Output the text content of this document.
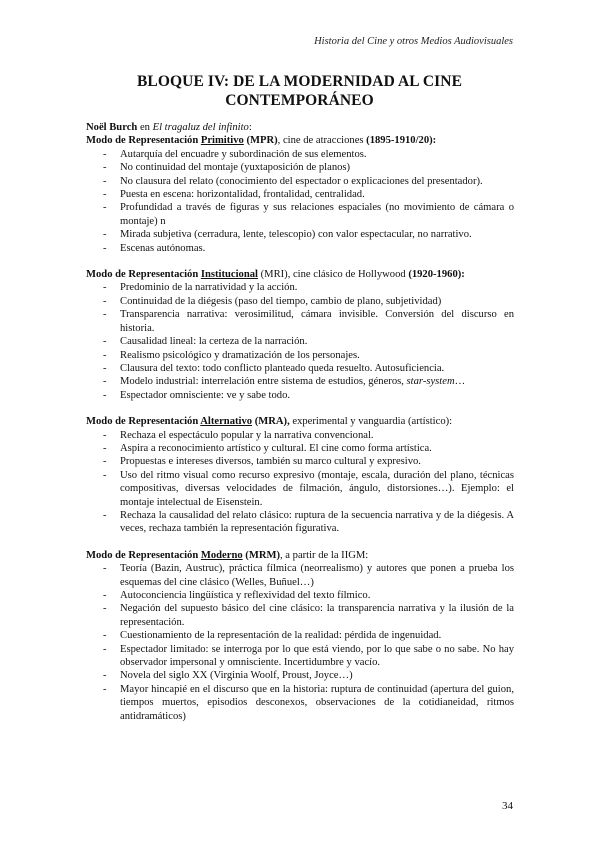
Historia del Cine y otros Medios Audiovisuales
BLOQUE IV: DE LA MODERNIDAD AL CINE
CONTEMPORÁNEO

Noël Burch en El tragaluz del infinito:

Modo de Representación Primitivo (MPR), cine de atracciones (1895-1910/20):

- Autarquía del encuadre y subordinación de sus elementos.
- No continuidad del montaje (yuxtaposición de planos)
- No clausura del relato (conocimiento del espectador o explicaciones del presentador).
- Puesta en escena: horizontalidad, frontalidad, centralidad.
- Profundidad a través de figuras y sus relaciones espaciales (no movimiento de cámara o montaje) n
- Mirada subjetiva (cerradura, lente, telescopio) con valor espectacular, no narrativo.
- Escenas autónomas.

Modo de Representación Institucional (MRI), cine clásico de Hollywood (1920-1960):

- Predominio de la narratividad y la acción.
- Continuidad de la diégesis (paso del tiempo, cambio de plano, subjetividad)
- Transparencia narrativa: verosimilitud, cámara invisible. Conversión del discurso en historia.
- Causalidad lineal: la certeza de la narración.
- Realismo psicológico y dramatización de los personajes.
- Clausura del texto: todo conflicto planteado queda resuelto. Autosuficiencia.
- Modelo industrial: interrelación entre sistema de estudios, géneros, star-system…
- Espectador omnisciente: ve y sabe todo.

Modo de Representación Alternativo (MRA), experimental y vanguardia (artístico):

- Rechaza el espectáculo popular y la narrativa convencional.
- Aspira a reconocimiento artístico y cultural. El cine como forma artística.
- Propuestas e intereses diversos, también su marco cultural y expresivo.
- Uso del ritmo visual como recurso expresivo (montaje, escala, duración del plano, técnicas compositivas, diversas velocidades de filmación, ángulo, distorsiones…). Ejemplo: el montaje intelectual de Eisenstein.
- Rechaza la causalidad del relato clásico: ruptura de la secuencia narrativa y de la diégesis. A veces, rechaza también la representación figurativa.

Modo de Representación Moderno (MRM), a partir de la IIGM:

- Teoría (Bazin, Austruc), práctica fílmica (neorrealismo) y autores que ponen a prueba los esquemas del cine clásico (Welles, Buñuel…)
- Autoconciencia lingüística y reflexividad del texto fílmico.
- Negación del supuesto básico del cine clásico: la transparencia narrativa y la ilusión de la representación.
- Cuestionamiento de la representación de la realidad: pérdida de ingenuidad.
- Espectador limitado: se interroga por lo que está viendo, por lo que sabe o no sabe. No hay observador impersonal y omnisciente. Incertidumbre y vacío.
- Novela del siglo XX (Virginia Woolf, Proust, Joyce…)
- Mayor hincapié en el discurso que en la historia: ruptura de continuidad (apertura del guion, tiempos muertos, episodios desconexos, observaciones de la cotidianeidad, ritmos antidramáticos)
34
